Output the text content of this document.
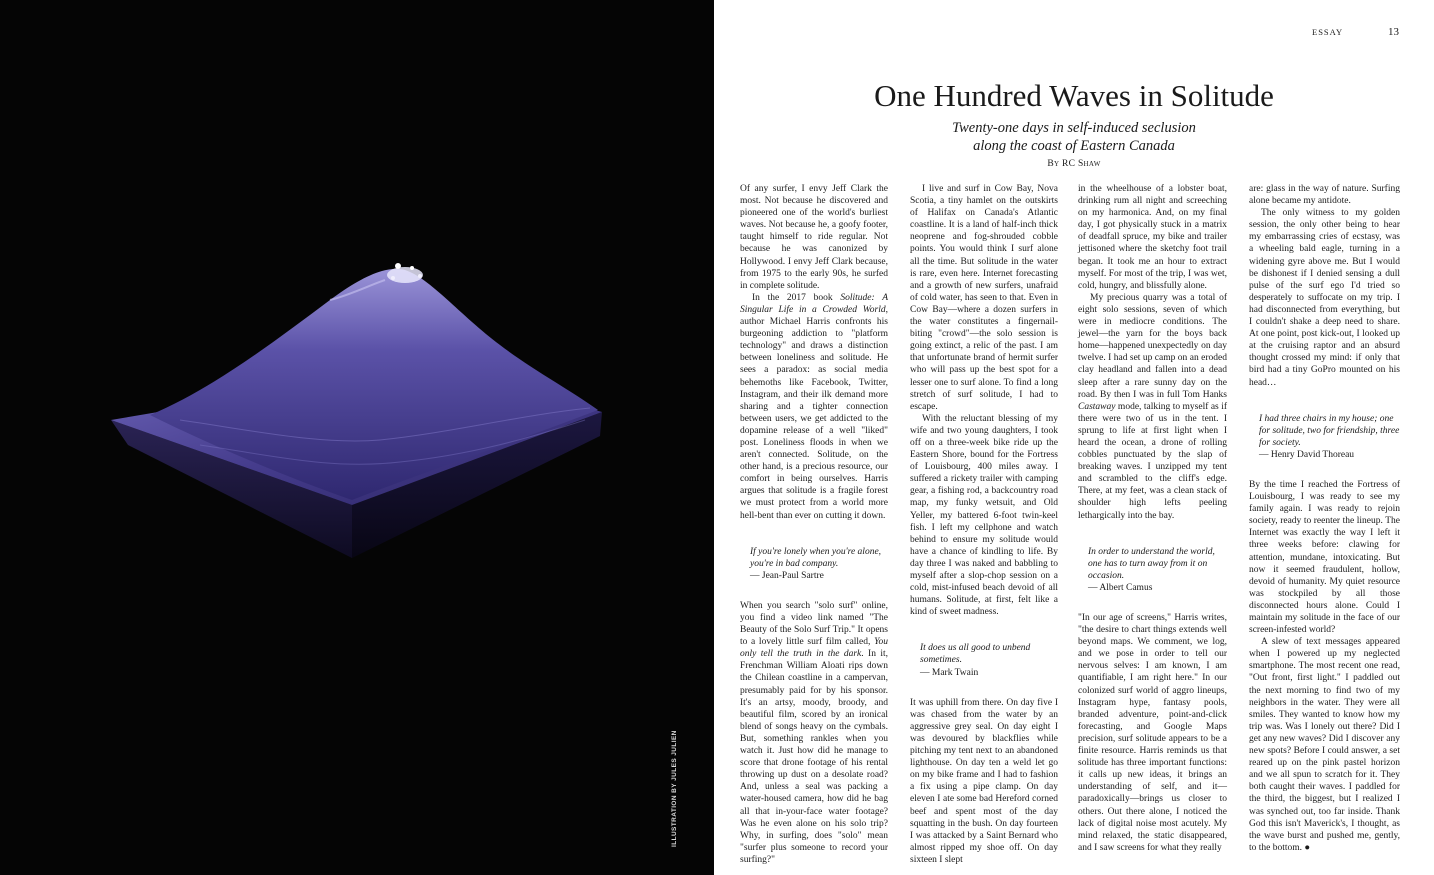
ILLUSTRATION BY JULES JULIEN
ESSAY	13
One Hundred Waves in Solitude
Twenty-one days in self-induced seclusion
along the coast of Eastern Canada
By RC Shaw

Of any surfer, I envy Jeff Clark the most. Not because he discovered and pioneered one of the world's burliest waves. Not because he, a goofy footer, taught himself to ride regular. Not because he was canonized by Hollywood. I envy Jeff Clark because, from 1975 to the early 90s, he surfed in complete solitude.

In the 2017 book Solitude: A Singular Life in a Crowded World, author Michael Harris confronts his burgeoning addiction to "platform technology" and draws a distinction between loneliness and solitude. He sees a paradox: as social media behemoths like Facebook, Twitter, Instagram, and their ilk demand more sharing and a tighter connection between users, we get addicted to the dopamine release of a well "liked" post. Loneliness floods in when we aren't connected. Solitude, on the other hand, is a precious resource, our comfort in being ourselves. Harris argues that solitude is a fragile forest we must protect from a world more hell-bent than ever on cutting it down.

If you're lonely when you're alone, you're in bad company.
— Jean-Paul Sartre

When you search "solo surf" online, you find a video link named "The Beauty of the Solo Surf Trip." It opens to a lovely little surf film called, You only tell the truth in the dark. In it, Frenchman William Aloati rips down the Chilean coastline in a campervan, presumably paid for by his sponsor. It's an artsy, moody, broody, and beautiful film, scored by an ironical blend of songs heavy on the cymbals. But, something rankles when you watch it. Just how did he manage to score that drone footage of his rental throwing up dust on a desolate road? And, unless a seal was packing a water-housed camera, how did he bag all that in-your-face water footage? Was he even alone on his solo trip? Why, in surfing, does "solo" mean "surfer plus someone to record your surfing?"

I live and surf in Cow Bay, Nova Scotia, a tiny hamlet on the outskirts of Halifax on Canada's Atlantic coastline. It is a land of half-inch thick neoprene and fog-shrouded cobble points. You would think I surf alone all the time. But solitude in the water is rare, even here. Internet forecasting and a growth of new surfers, unafraid of cold water, has seen to that. Even in Cow Bay—where a dozen surfers in the water constitutes a fingernail-biting "crowd"—the solo session is going extinct, a relic of the past. I am that unfortunate brand of hermit surfer who will pass up the best spot for a lesser one to surf alone. To find a long stretch of surf solitude, I had to escape.

With the reluctant blessing of my wife and two young daughters, I took off on a three-week bike ride up the Eastern Shore, bound for the Fortress of Louisbourg, 400 miles away. I suffered a rickety trailer with camping gear, a fishing rod, a backcountry road map, my funky wetsuit, and Old Yeller, my battered 6-foot twin-keel fish. I left my cellphone and watch behind to ensure my solitude would have a chance of kindling to life. By day three I was naked and babbling to myself after a slop-chop session on a cold, mist-infused beach devoid of all humans. Solitude, at first, felt like a kind of sweet madness.

It does us all good to unbend sometimes.
— Mark Twain

It was uphill from there. On day five I was chased from the water by an aggressive grey seal. On day eight I was devoured by blackflies while pitching my tent next to an abandoned lighthouse. On day ten a weld let go on my bike frame and I had to fashion a fix using a pipe clamp. On day eleven I ate some bad Hereford corned beef and spent most of the day squatting in the bush. On day fourteen I was attacked by a Saint Bernard who almost ripped my shoe off. On day sixteen I slept

in the wheelhouse of a lobster boat, drinking rum all night and screeching on my harmonica. And, on my final day, I got physically stuck in a matrix of deadfall spruce, my bike and trailer jettisoned where the sketchy foot trail began. It took me an hour to extract myself. For most of the trip, I was wet, cold, hungry, and blissfully alone.

My precious quarry was a total of eight solo sessions, seven of which were in mediocre conditions. The jewel—the yarn for the boys back home—happened unexpectedly on day twelve. I had set up camp on an eroded clay headland and fallen into a dead sleep after a rare sunny day on the road. By then I was in full Tom Hanks Castaway mode, talking to myself as if there were two of us in the tent. I sprung to life at first light when I heard the ocean, a drone of rolling cobbles punctuated by the slap of breaking waves. I unzipped my tent and scrambled to the cliff's edge. There, at my feet, was a clean stack of shoulder high lefts peeling lethargically into the bay.

In order to understand the world, one has to turn away from it on occasion.
— Albert Camus

"In our age of screens," Harris writes, "the desire to chart things extends well beyond maps. We comment, we log, and we pose in order to tell our nervous selves: I am known, I am quantifiable, I am right here." In our colonized surf world of aggro lineups, Instagram hype, fantasy pools, branded adventure, point-and-click forecasting, and Google Maps precision, surf solitude appears to be a finite resource. Harris reminds us that solitude has three important functions: it calls up new ideas, it brings an understanding of self, and it—paradoxically—brings us closer to others. Out there alone, I noticed the lack of digital noise most acutely. My mind relaxed, the static disappeared, and I saw screens for what they really

are: glass in the way of nature. Surfing alone became my antidote.

The only witness to my golden session, the only other being to hear my embarrassing cries of ecstasy, was a wheeling bald eagle, turning in a widening gyre above me. But I would be dishonest if I denied sensing a dull pulse of the surf ego I'd tried so desperately to suffocate on my trip. I had disconnected from everything, but I couldn't shake a deep need to share. At one point, post kick-out, I looked up at the cruising raptor and an absurd thought crossed my mind: if only that bird had a tiny GoPro mounted on his head…

I had three chairs in my house; one for solitude, two for friendship, three for society.
— Henry David Thoreau

By the time I reached the Fortress of Louisbourg, I was ready to see my family again. I was ready to rejoin society, ready to reenter the lineup. The Internet was exactly the way I left it three weeks before: clawing for attention, mundane, intoxicating. But now it seemed fraudulent, hollow, devoid of humanity. My quiet resource was stockpiled by all those disconnected hours alone. Could I maintain my solitude in the face of our screen-infested world?

A slew of text messages appeared when I powered up my neglected smartphone. The most recent one read, "Out front, first light." I paddled out the next morning to find two of my neighbors in the water. They were all smiles. They wanted to know how my trip was. Was I lonely out there? Did I get any new waves? Did I discover any new spots? Before I could answer, a set reared up on the pink pastel horizon and we all spun to scratch for it. They both caught their waves. I paddled for the third, the biggest, but I realized I was synched out, too far inside. Thank God this isn't Maverick's, I thought, as the wave burst and pushed me, gently, to the bottom. ●
